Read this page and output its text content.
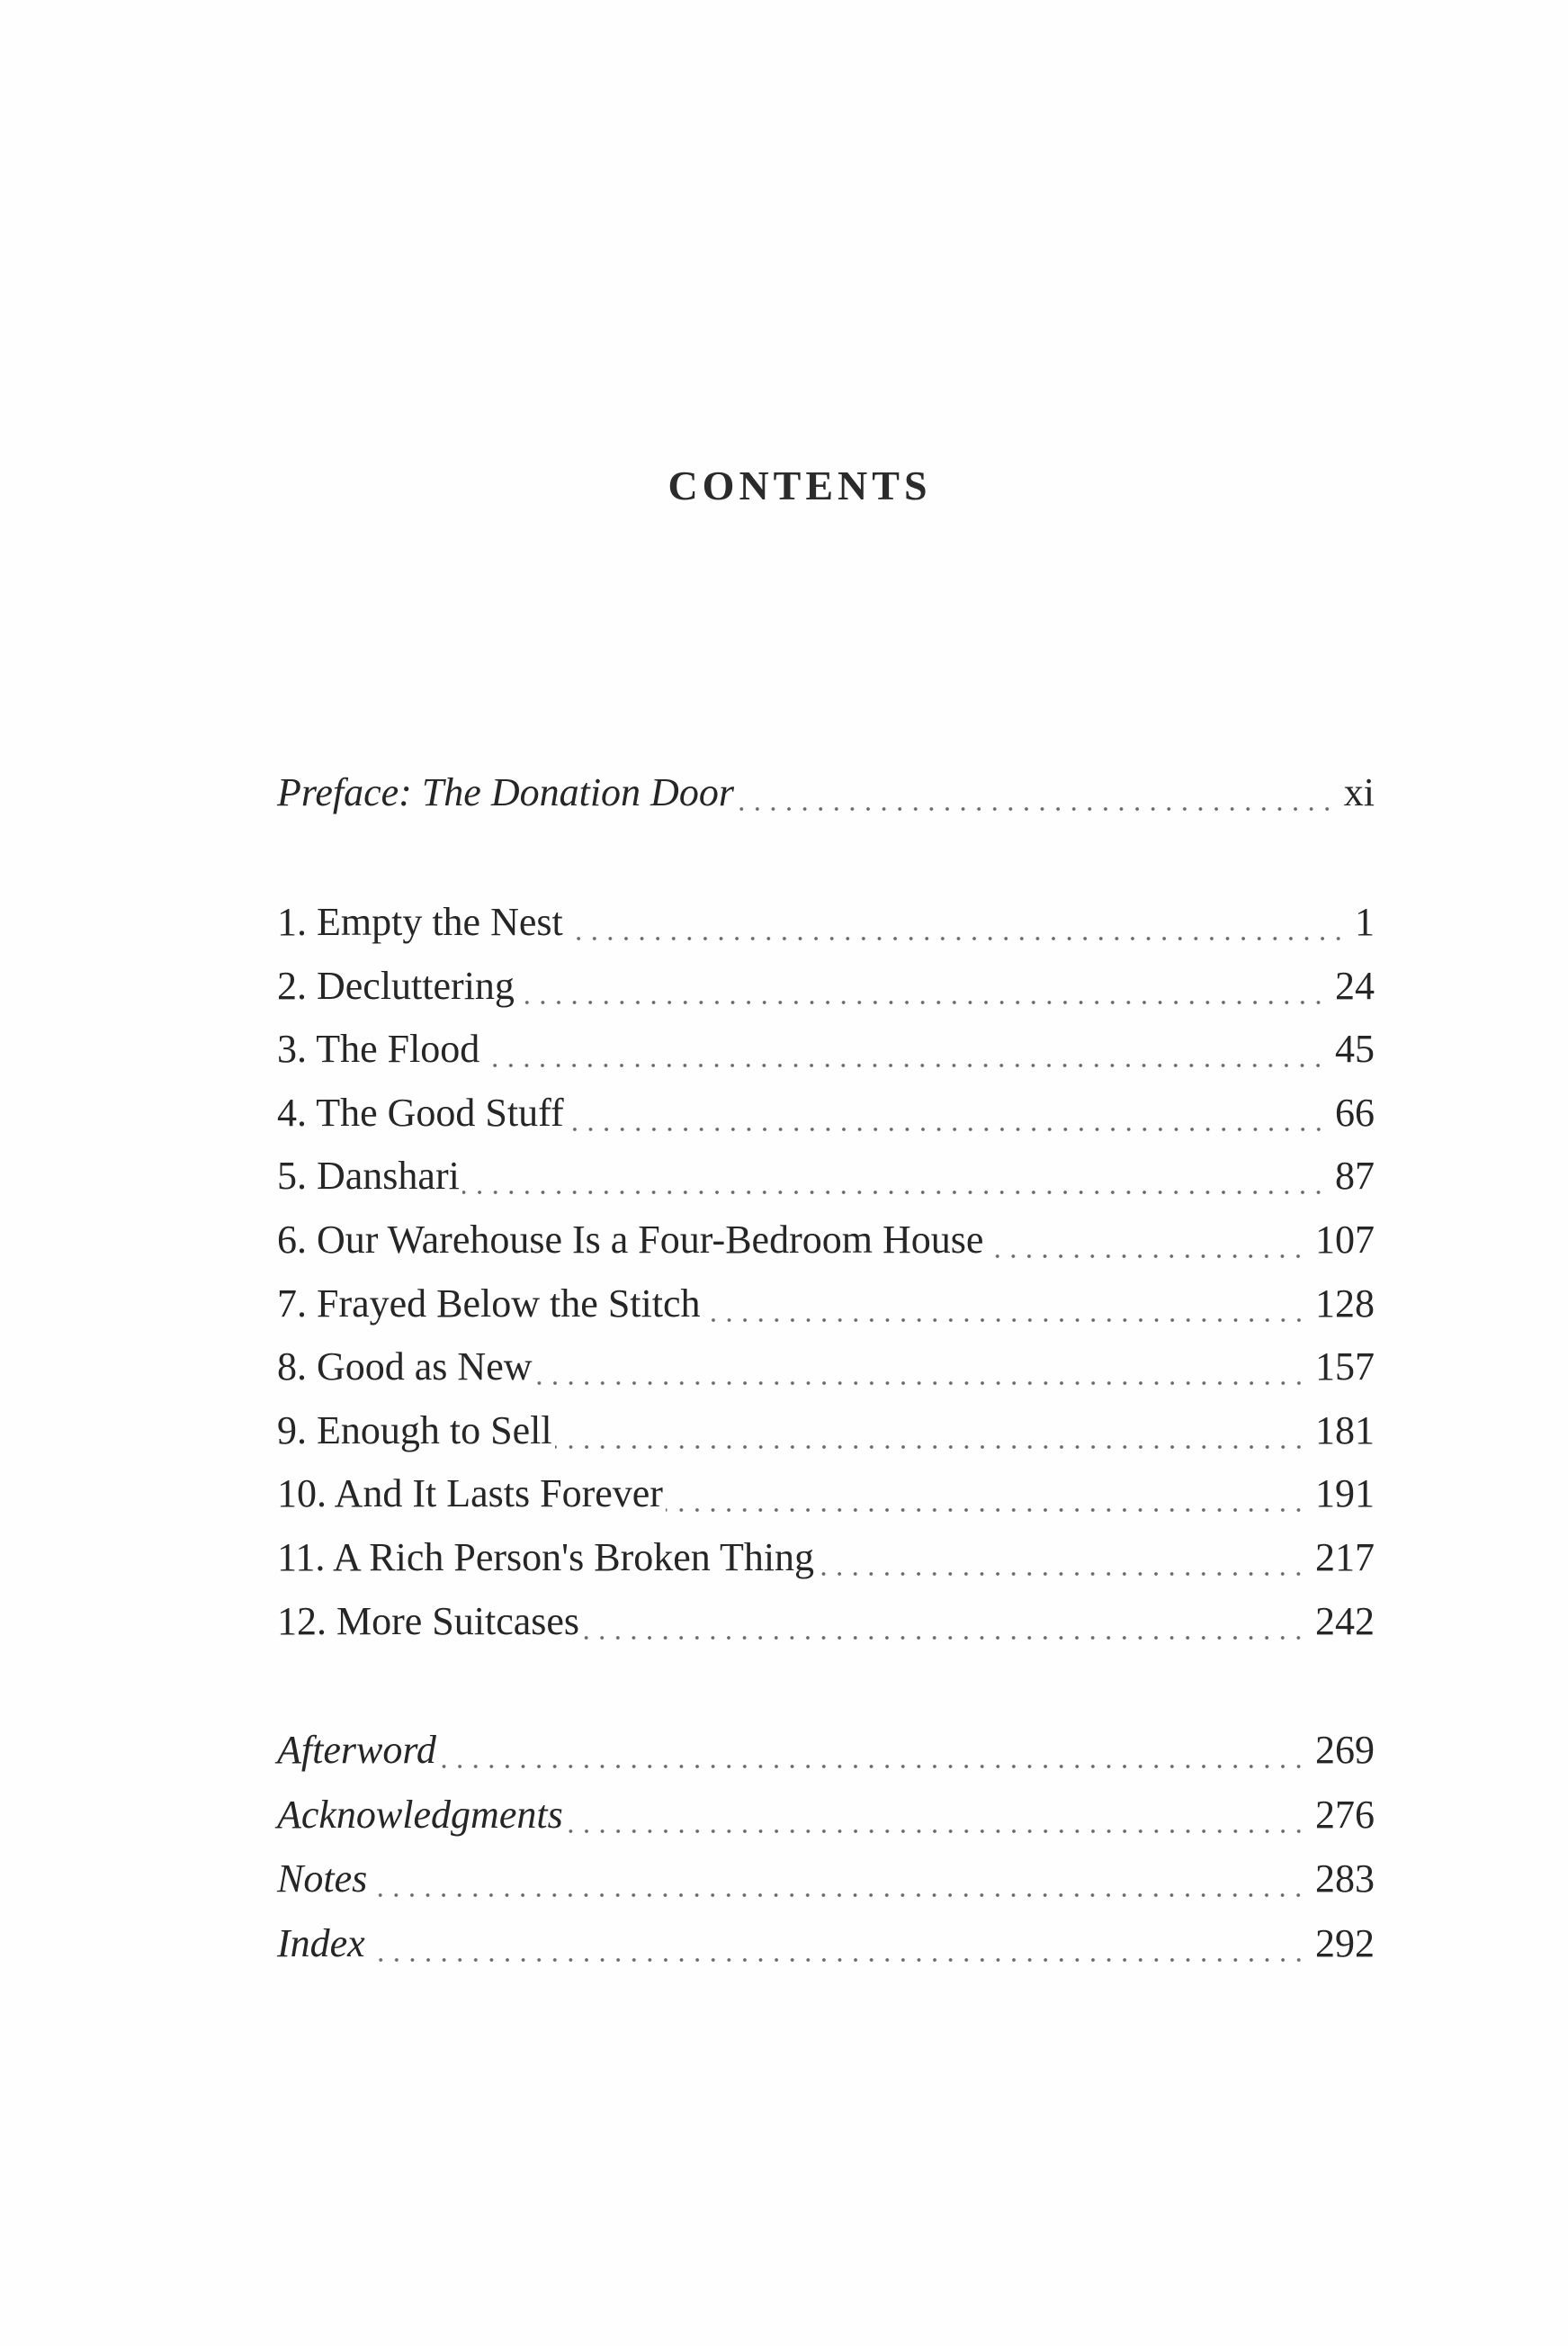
CONTENTS
Preface: The Donation Door	xi
1. Empty the Nest	1
2. Decluttering	24
3. The Flood	45
4. The Good Stuff	66
5. Danshari	87
6. Our Warehouse Is a Four-Bedroom House	107
7. Frayed Below the Stitch	128
8. Good as New	157
9. Enough to Sell	181
10. And It Lasts Forever	191
11. A Rich Person's Broken Thing	217
12. More Suitcases	242
Afterword	269
Acknowledgments	276
Notes	283
Index	292
